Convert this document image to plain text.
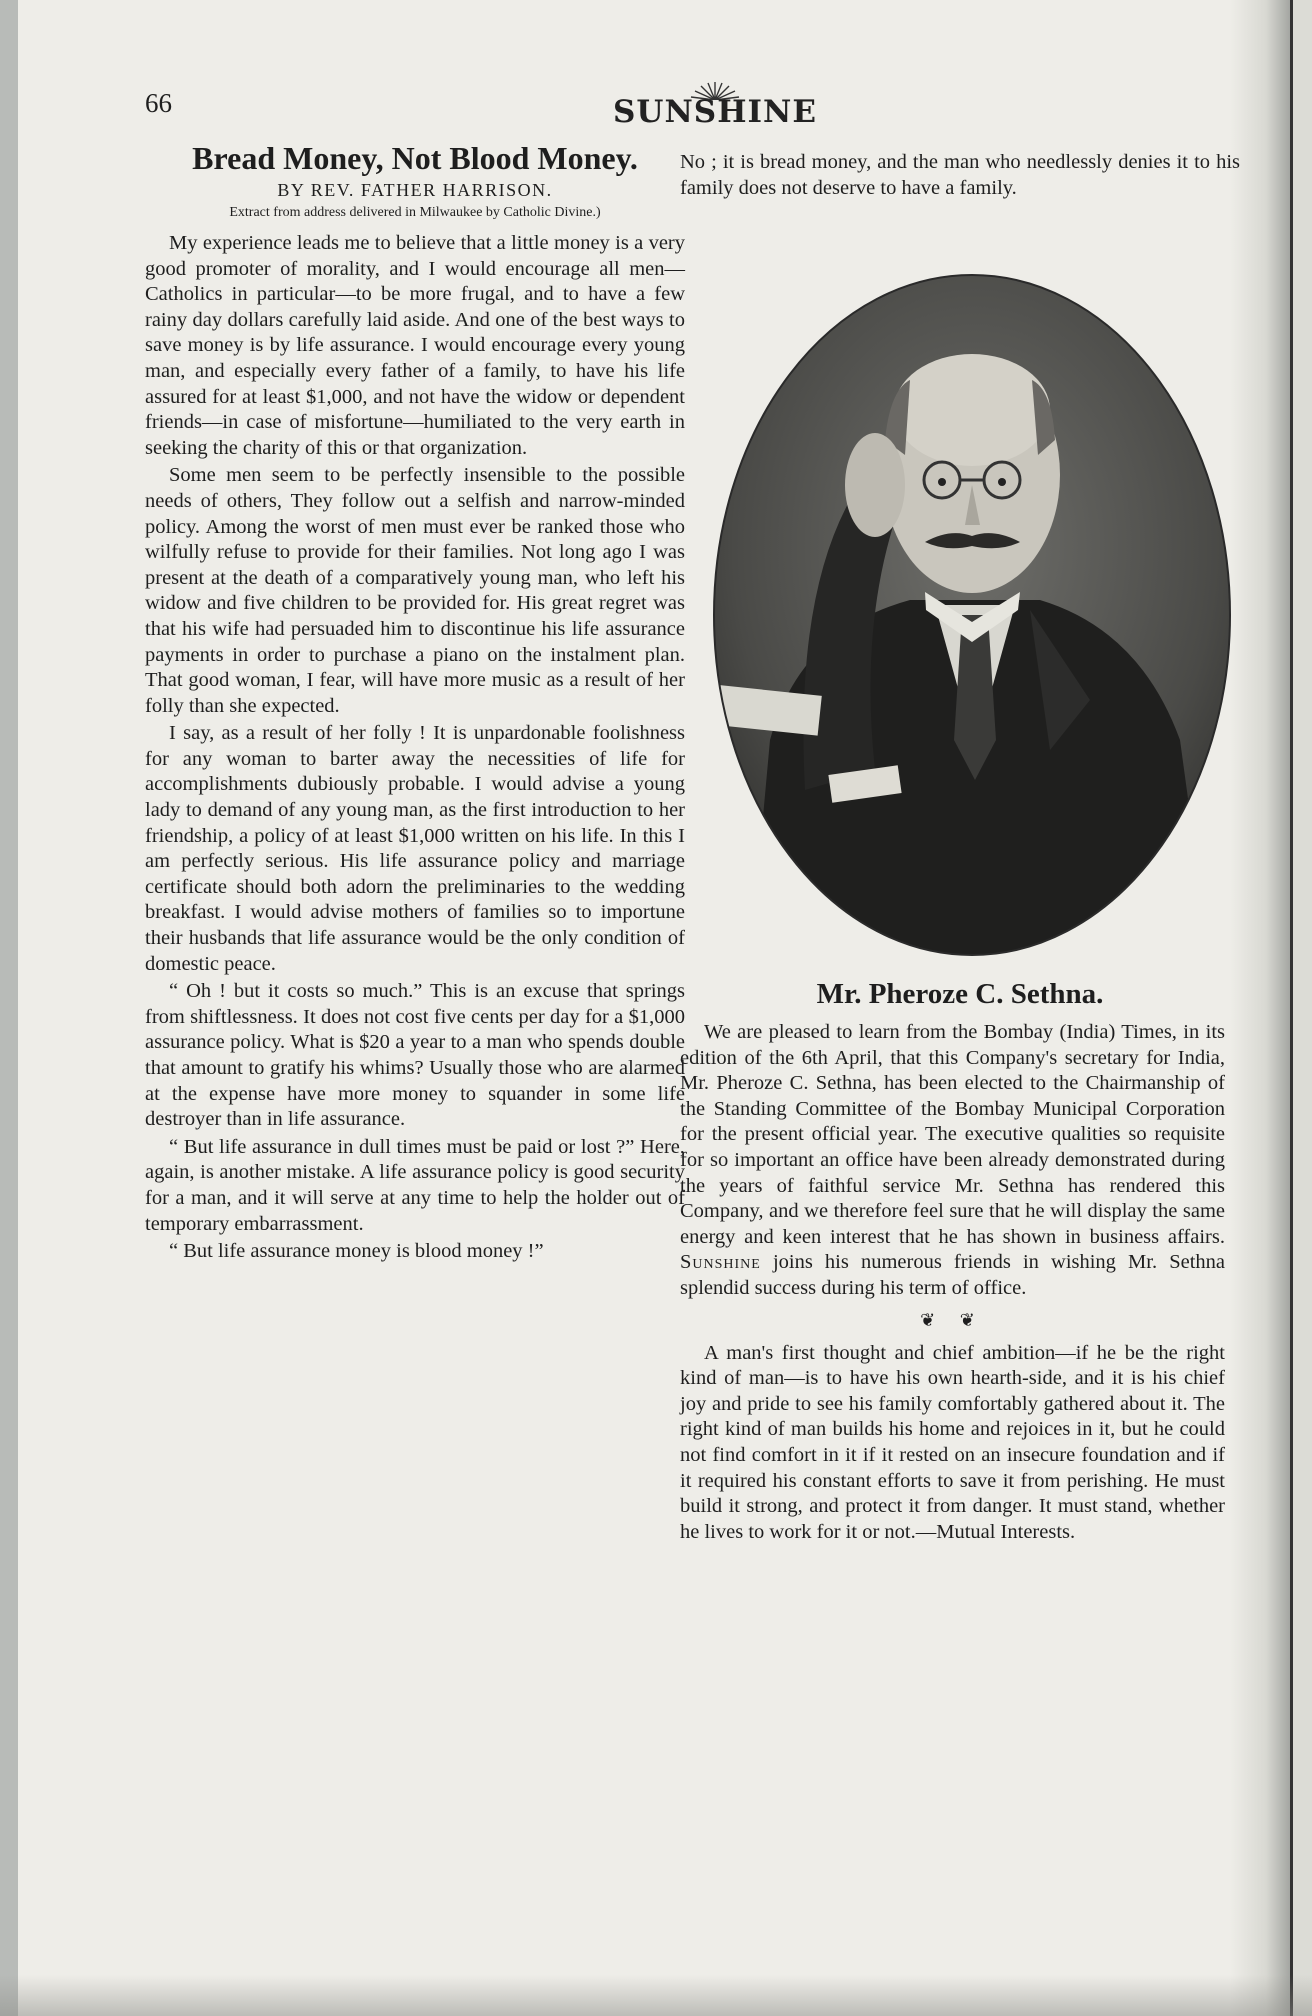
66	SUNSHINE
Bread Money, Not Blood Money.
BY REV. FATHER HARRISON.
Extract from address delivered in Milwaukee by Catholic Divine.)

My experience leads me to believe that a little money is a very good promoter of morality, and I would encourage all men—Catholics in particular—to be more frugal, and to have a few rainy day dollars carefully laid aside. And one of the best ways to save money is by life assurance. I would encourage every young man, and especially every father of a family, to have his life assured for at least $1,000, and not have the widow or dependent friends—in case of misfortune—humiliated to the very earth in seeking the charity of this or that organization.

Some men seem to be perfectly insensible to the possible needs of others, They follow out a selfish and narrow-minded policy. Among the worst of men must ever be ranked those who wilfully refuse to provide for their families. Not long ago I was present at the death of a comparatively young man, who left his widow and five children to be provided for. His great regret was that his wife had persuaded him to discontinue his life assurance payments in order to purchase a piano on the instalment plan. That good woman, I fear, will have more music as a result of her folly than she expected.

I say, as a result of her folly ! It is unpardonable foolishness for any woman to barter away the necessities of life for accomplishments dubiously probable. I would advise a young lady to demand of any young man, as the first introduction to her friendship, a policy of at least $1,000 written on his life. In this I am perfectly serious. His life assurance policy and marriage certificate should both adorn the preliminaries to the wedding breakfast. I would advise mothers of families so to importune their husbands that life assurance would be the only condition of domestic peace.

“ Oh ! but it costs so much.” This is an excuse that springs from shiftlessness. It does not cost five cents per day for a $1,000 assurance policy. What is $20 a year to a man who spends double that amount to gratify his whims? Usually those who are alarmed at the expense have more money to squander in some life destroyer than in life assurance.

“ But life assurance in dull times must be paid or lost ?” Here, again, is another mistake. A life assurance policy is good security for a man, and it will serve at any time to help the holder out of temporary embarrassment.

“ But life assurance money is blood money !”

No ; it is bread money, and the man who needlessly denies it to his family does not deserve to have a family.

Mr. Pheroze C. Sethna.

We are pleased to learn from the Bombay (India) Times, in its edition of the 6th April, that this Company's secretary for India, Mr. Pheroze C. Sethna, has been elected to the Chairmanship of the Standing Committee of the Bombay Municipal Corporation for the present official year. The executive qualities so requisite for so important an office have been already demonstrated during the years of faithful service Mr. Sethna has rendered this Company, and we therefore feel sure that he will display the same energy and keen interest that he has shown in business affairs. Sunshine joins his numerous friends in wishing Mr. Sethna splendid success during his term of office.

❦ ❦

A man's first thought and chief ambition—if he be the right kind of man—is to have his own hearth-side, and it is his chief joy and pride to see his family comfortably gathered about it. The right kind of man builds his home and rejoices in it, but he could not find comfort in it if it rested on an insecure foundation and if it required his constant efforts to save it from perishing. He must build it strong, and protect it from danger. It must stand, whether he lives to work for it or not.—Mutual Interests.
